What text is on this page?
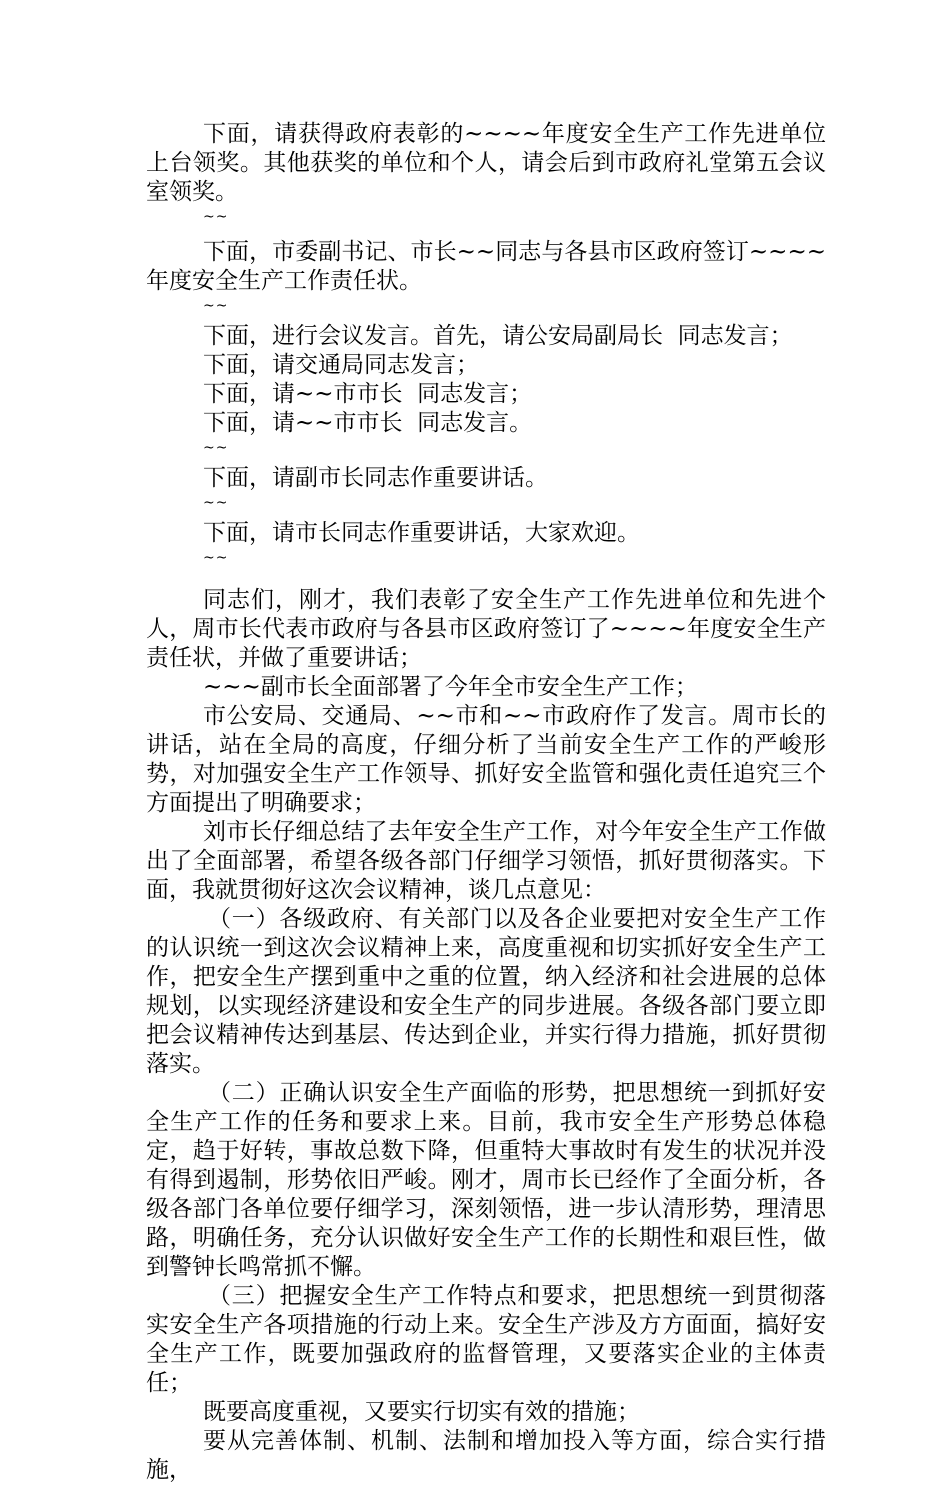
下面，请获得政府表彰的~~~~年度安全生产工作先进单位上台领奖。其他获奖的单位和个人，请会后到市政府礼堂第五会议室领奖。

~~

下面，市委副书记、市长~~同志与各县市区政府签订~~~~年度安全生产工作责任状。

~~

下面，进行会议发言。首先，请公安局副局长  同志发言；

下面，请交通局同志发言；

下面，请~~市市长  同志发言；

下面，请~~市市长  同志发言。

~~

下面，请副市长同志作重要讲话。

~~

下面，请市长同志作重要讲话，大家欢迎。

~~

同志们，刚才，我们表彰了安全生产工作先进单位和先进个人，周市长代表市政府与各县市区政府签订了~~~~年度安全生产责任状，并做了重要讲话；

~~~副市长全面部署了今年全市安全生产工作；

市公安局、交通局、~~市和~~市政府作了发言。周市长的讲话，站在全局的高度，仔细分析了当前安全生产工作的严峻形势，对加强安全生产工作领导、抓好安全监管和强化责任追究三个方面提出了明确要求；

刘市长仔细总结了去年安全生产工作，对今年安全生产工作做出了全面部署，希望各级各部门仔细学习领悟，抓好贯彻落实。下面，我就贯彻好这次会议精神，谈几点意见：

（一）各级政府、有关部门以及各企业要把对安全生产工作的认识统一到这次会议精神上来，高度重视和切实抓好安全生产工作，把安全生产摆到重中之重的位置，纳入经济和社会进展的总体规划，以实现经济建设和安全生产的同步进展。各级各部门要立即把会议精神传达到基层、传达到企业，并实行得力措施，抓好贯彻落实。

（二）正确认识安全生产面临的形势，把思想统一到抓好安全生产工作的任务和要求上来。目前，我市安全生产形势总体稳定，趋于好转，事故总数下降，但重特大事故时有发生的状况并没有得到遏制，形势依旧严峻。刚才，周市长已经作了全面分析，各级各部门各单位要仔细学习，深刻领悟，进一步认清形势，理清思路，明确任务，充分认识做好安全生产工作的长期性和艰巨性，做到警钟长鸣常抓不懈。

（三）把握安全生产工作特点和要求，把思想统一到贯彻落实安全生产各项措施的行动上来。安全生产涉及方方面面，搞好安全生产工作，既要加强政府的监督管理，又要落实企业的主体责任；

既要高度重视，又要实行切实有效的措施；

要从完善体制、机制、法制和增加投入等方面，综合实行措施，
